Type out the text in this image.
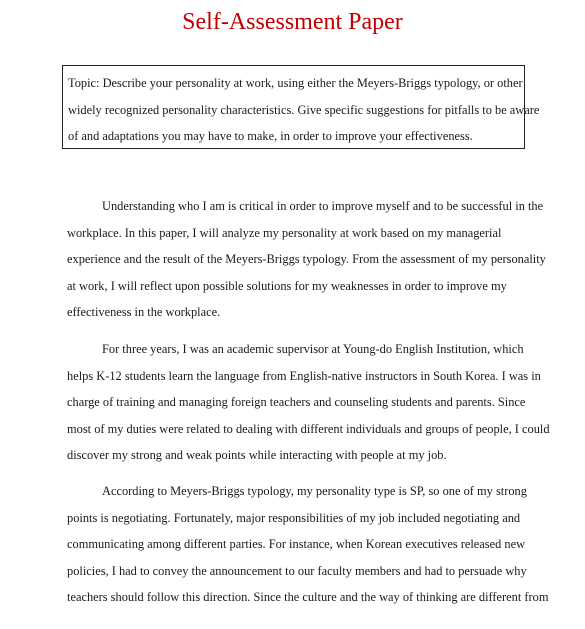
Self-Assessment Paper
Topic: Describe your personality at work, using either the Meyers-Briggs typology, or other
widely recognized personality characteristics. Give specific suggestions for pitfalls to be aware
of and adaptations you may have to make, in order to improve your effectiveness.
Understanding who I am is critical in order to improve myself and to be successful in the
workplace. In this paper, I will analyze my personality at work based on my managerial
experience and the result of the Meyers-Briggs typology. From the assessment of my personality
at work, I will reflect upon possible solutions for my weaknesses in order to improve my
effectiveness in the workplace.
For three years, I was an academic supervisor at Young-do English Institution, which
helps K-12 students learn the language from English-native instructors in South Korea. I was in
charge of training and managing foreign teachers and counseling students and parents. Since
most of my duties were related to dealing with different individuals and groups of people, I could
discover my strong and weak points while interacting with people at my job.
According to Meyers-Briggs typology, my personality type is SP, so one of my strong
points is negotiating. Fortunately, major responsibilities of my job included negotiating and
communicating among different parties. For instance, when Korean executives released new
policies, I had to convey the announcement to our faculty members and had to persuade why
teachers should follow this direction. Since the culture and the way of thinking are different from
